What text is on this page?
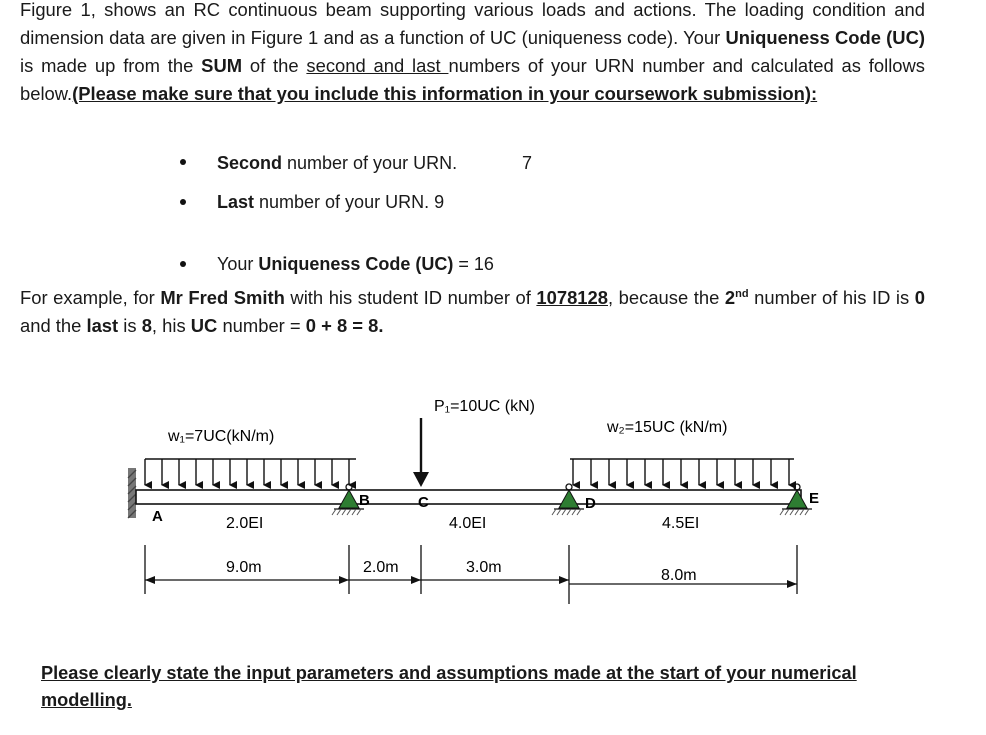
Figure 1, shows an RC continuous beam supporting various loads and actions. The loading condition and dimension data are given in Figure 1 and as a function of UC (uniqueness code). Your Uniqueness Code (UC) is made up from the SUM of the second and last numbers of your URN number and calculated as follows below.(Please make sure that you include this information in your coursework submission):
Second number of your URN.	7
Last number of your URN. 9
Your Uniqueness Code (UC) = 16
For example, for Mr Fred Smith with his student ID number of 1078128, because the 2nd number of his ID is 0 and the last is 8, his UC number = 0 + 8 = 8.
w₁=7UC(kN/m)
w₂=15UC (kN/m)
P₁=10UC (kN)
A
B	C	D	E
2.0EI	4.0EI	4.5EI
9.0m	2.0m	3.0m	8.0m
Please clearly state the input parameters and assumptions made at the start of your numerical modelling.
